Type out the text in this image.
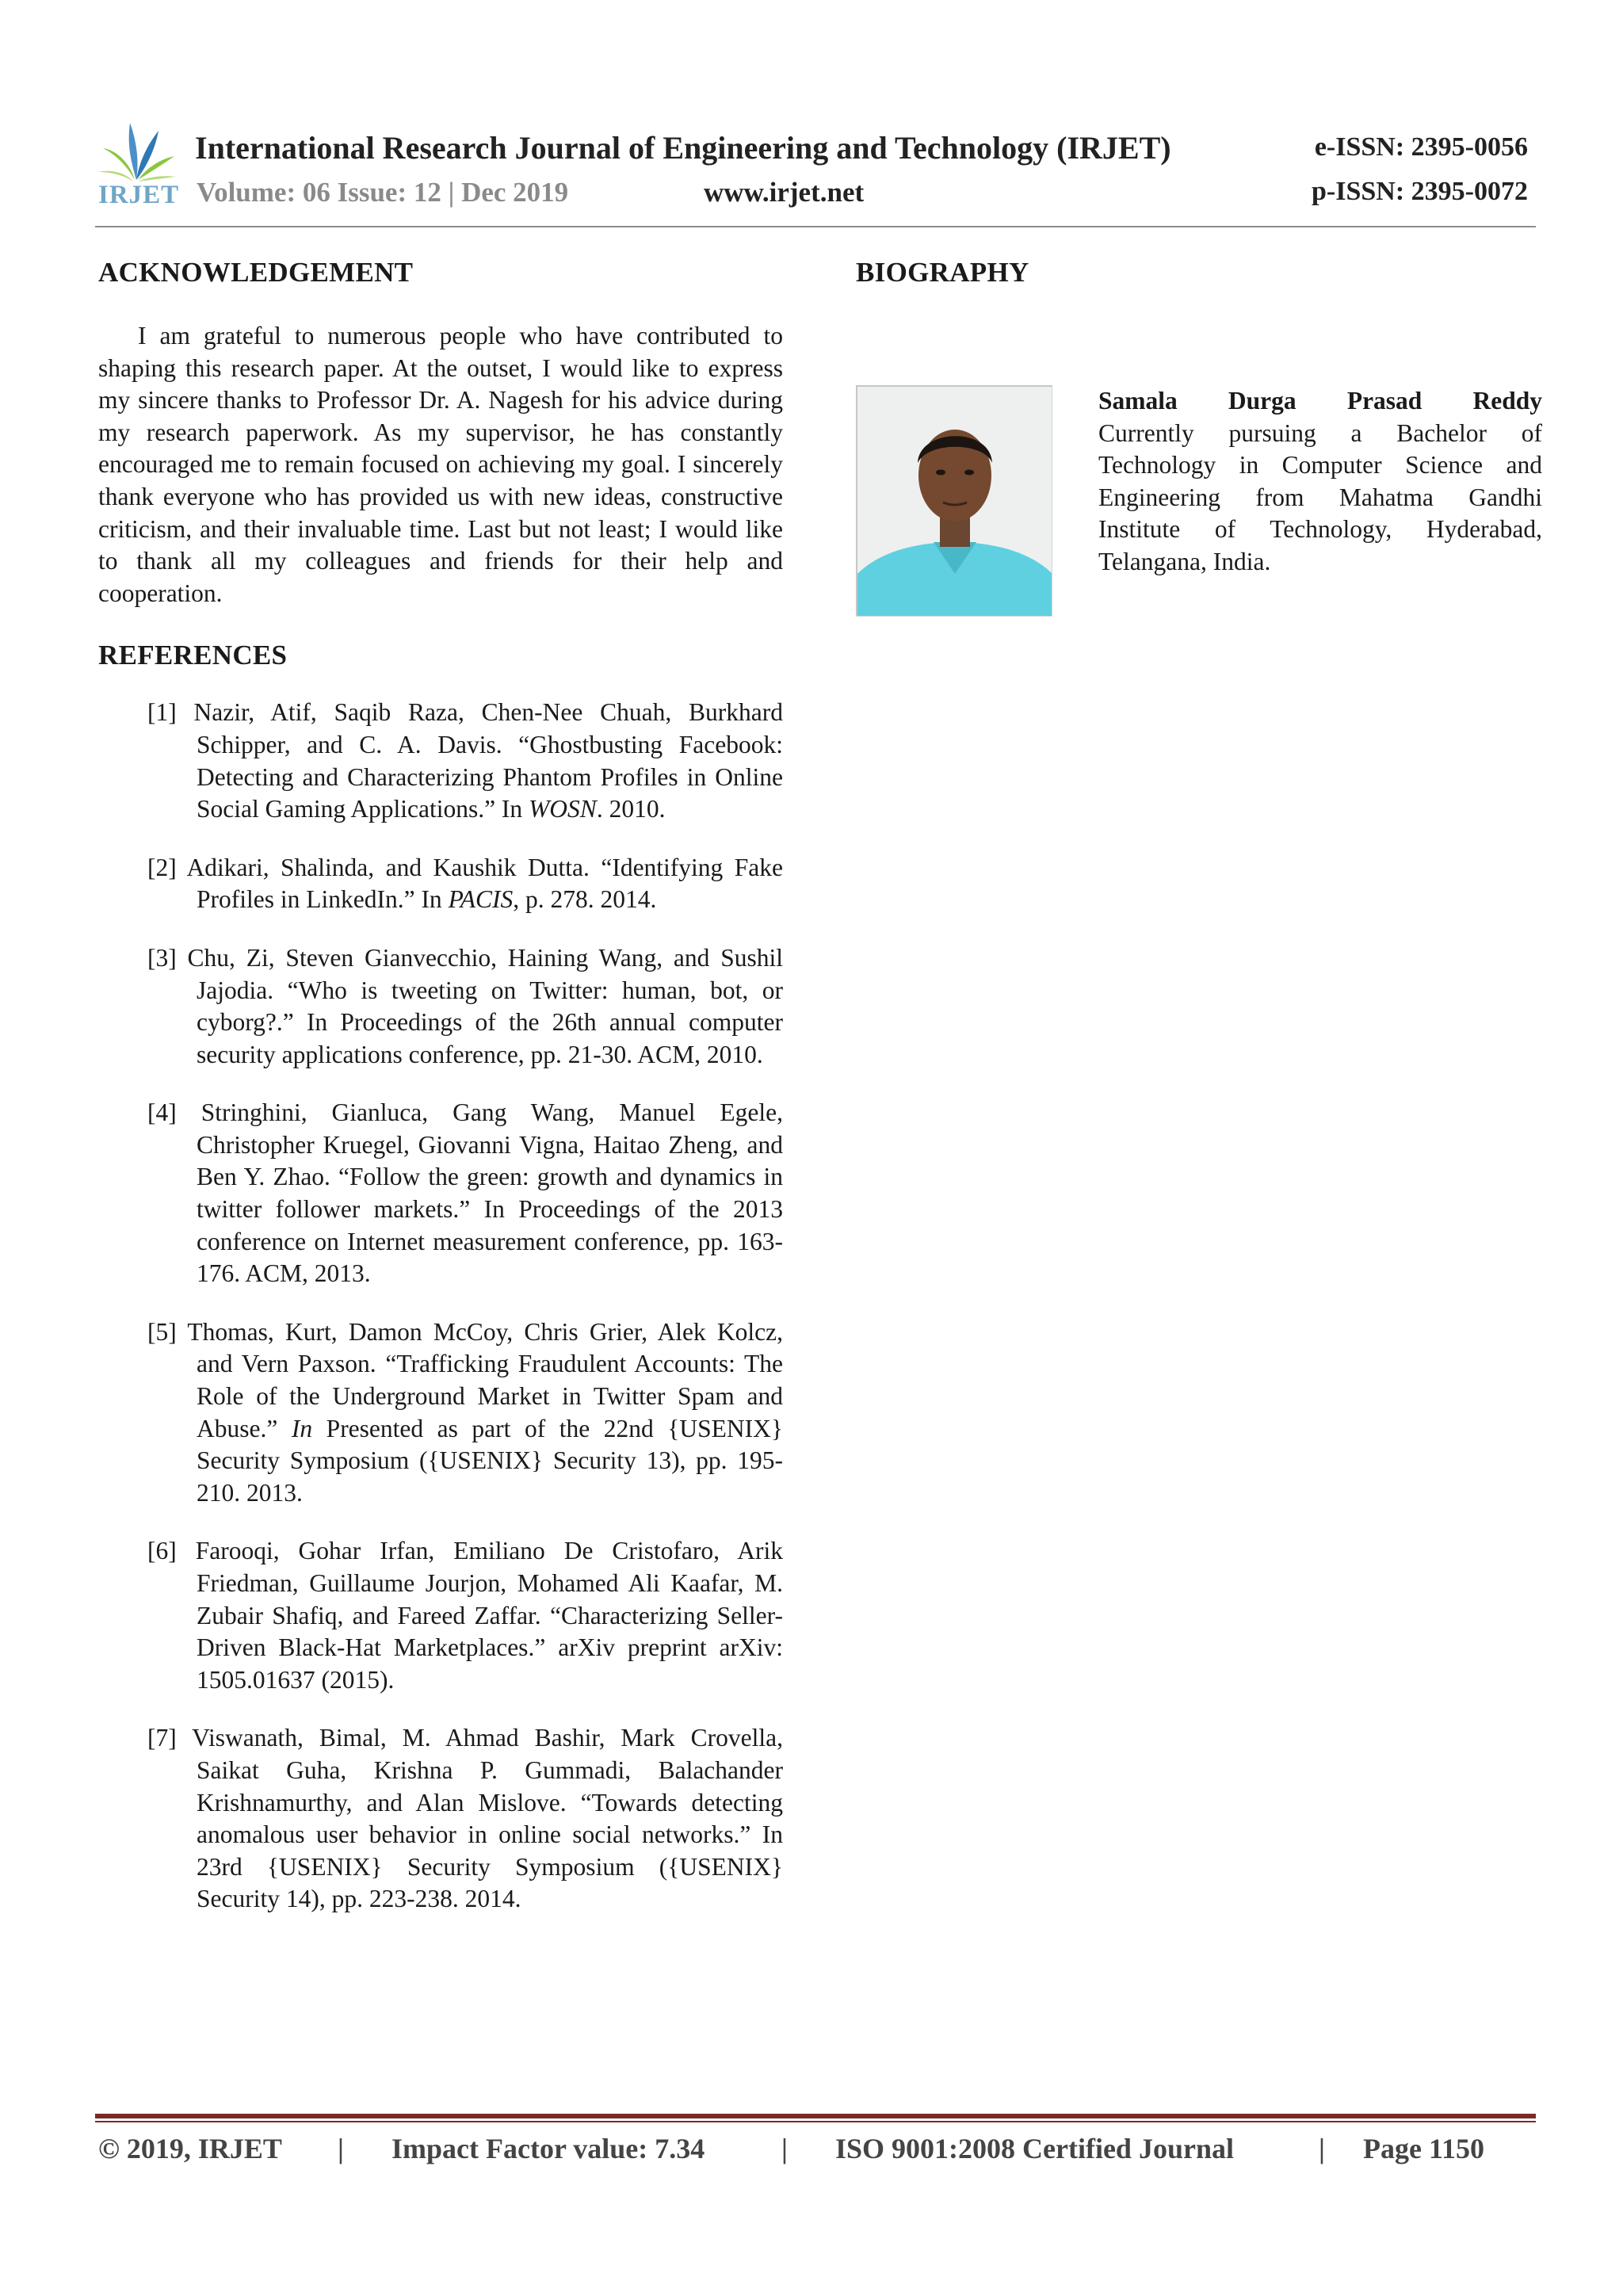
IRJET
International Research Journal of Engineering and Technology (IRJET)	e-ISSN: 2395-0056
Volume: 06 Issue: 12 | Dec 2019	www.irjet.net	p-ISSN: 2395-0072
ACKNOWLEDGEMENT

I am grateful to numerous people who have contributed to shaping this research paper. At the outset, I would like to express my sincere thanks to Professor Dr. A. Nagesh for his advice during my research paperwork. As my supervisor, he has constantly encouraged me to remain focused on achieving my goal. I sincerely thank everyone who has provided us with new ideas, constructive criticism, and their invaluable time. Last but not least; I would like to thank all my colleagues and friends for their help and cooperation.

REFERENCES
[1] Nazir, Atif, Saqib Raza, Chen-Nee Chuah, Burkhard Schipper, and C. A. Davis. “Ghostbusting Facebook: Detecting and Characterizing Phantom Profiles in Online Social Gaming Applications.” In WOSN. 2010.
[2] Adikari, Shalinda, and Kaushik Dutta. “Identifying Fake Profiles in LinkedIn.” In PACIS, p. 278. 2014.
[3] Chu, Zi, Steven Gianvecchio, Haining Wang, and Sushil Jajodia. “Who is tweeting on Twitter: human, bot, or cyborg?.” In Proceedings of the 26th annual computer security applications conference, pp. 21-30. ACM, 2010.
[4] Stringhini, Gianluca, Gang Wang, Manuel Egele, Christopher Kruegel, Giovanni Vigna, Haitao Zheng, and Ben Y. Zhao. “Follow the green: growth and dynamics in twitter follower markets.” In Proceedings of the 2013 conference on Internet measurement conference, pp. 163-176. ACM, 2013.
[5] Thomas, Kurt, Damon McCoy, Chris Grier, Alek Kolcz, and Vern Paxson. “Trafficking Fraudulent Accounts: The Role of the Underground Market in Twitter Spam and Abuse.” In Presented as part of the 22nd {USENIX} Security Symposium ({USENIX} Security 13), pp. 195-210. 2013.
[6] Farooqi, Gohar Irfan, Emiliano De Cristofaro, Arik Friedman, Guillaume Jourjon, Mohamed Ali Kaafar, M. Zubair Shafiq, and Fareed Zaffar. “Characterizing Seller-Driven Black-Hat Marketplaces.” arXiv preprint arXiv: 1505.01637 (2015).
[7] Viswanath, Bimal, M. Ahmad Bashir, Mark Crovella, Saikat Guha, Krishna P. Gummadi, Balachander Krishnamurthy, and Alan Mislove. “Towards detecting anomalous user behavior in online social networks.” In 23rd {USENIX} Security Symposium ({USENIX} Security 14), pp. 223-238. 2014.
BIOGRAPHY
Samala Durga Prasad Reddy
Currently pursuing a Bachelor of Technology in Computer Science and Engineering from Mahatma Gandhi Institute of Technology, Hyderabad, Telangana, India.
© 2019, IRJET | Impact Factor value: 7.34	| ISO 9001:2008 Certified Journal	| Page 1150
